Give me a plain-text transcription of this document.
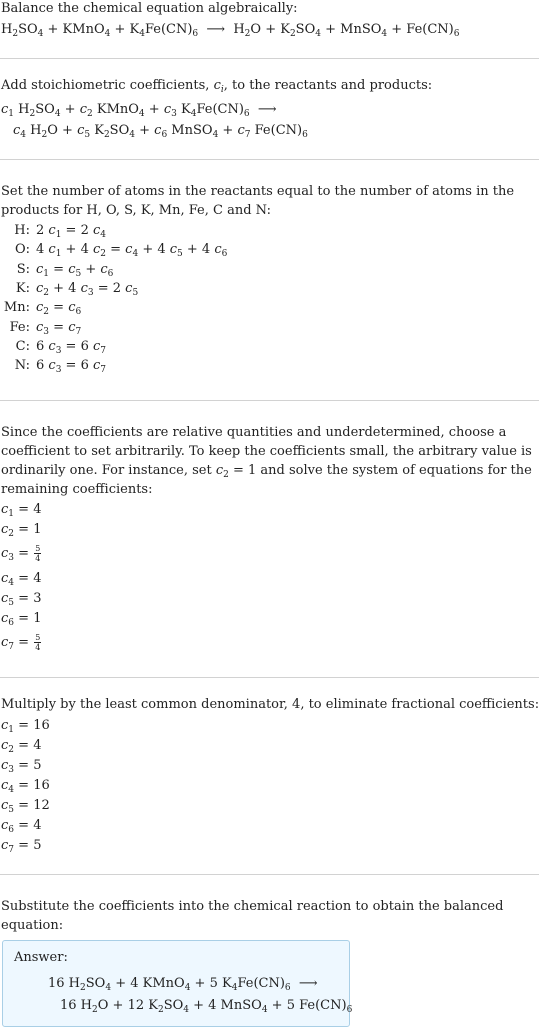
Balance the chemical equation algebraically:
$H_2SO_4$ + KMnO$_4$ + $K_4Fe(CN)_6$  ⟶  $H_2O + K_2SO_4$ + MnSO$_4$ + $Fe(CN)_6$
Add stoichiometric coefficients, $c_i$, to the reactants and products:
$c_1$ $H_2SO_4 + c_2$ KMnO$_4$ + $c_3$ $K_4Fe(CN)_6$  ⟶
$c_4$ $H_2O + c_5$ $K_2SO_4 + c_6$ MnSO$_4$ + $c_7$ $Fe(CN)_6$
Set the number of atoms in the reactants equal to the number of atoms in the
products for H, O, S, K, Mn, Fe, C and N:
H:	2 $c_1 = 2$ $c_4$
O:	4 $c_1 + 4$ $c_2 = c_4 + 4$ $c_5 + 4$ $c_6$
S:	$c_1 = c_5 + c_6$
K:	$c_2 + 4$ $c_3 = 2$ $c_5$
Mn:	$c_2 = c_6$
Fe:	$c_3 = c_7$
C:	6 $c_3 = 6$ $c_7$
N:	6 $c_3 = 6$ $c_7$
Since the coefficients are relative quantities and underdetermined, choose a
coefficient to set arbitrarily. To keep the coefficients small, the arbitrary value is
ordinarily one. For instance, set $c_2 = 1$ and solve the system of equations for the
remaining coefficients:
$c_1 = 4$
$c_2 = 1$
$c_3 = \frac{5}{4}$
$c_4 = 4$
$c_5 = 3$
$c_6 = 1$
$c_7 = \frac{5}{4}$
Multiply by the least common denominator, 4, to eliminate fractional coefficients:
$c_1 = 16$
$c_2 = 4$
$c_3 = 5$
$c_4 = 16$
$c_5 = 12$
$c_6 = 4$
$c_7 = 5$
Substitute the coefficients into the chemical reaction to obtain the balanced
equation:
Answer:
16 $H_2SO_4 + 4$ KMnO$_4$ + 5 $K_4Fe(CN)_6$  ⟶
16 $H_2O + 12$ $K_2SO_4 + 4$ MnSO$_4$ + 5 $Fe(CN)_6$
